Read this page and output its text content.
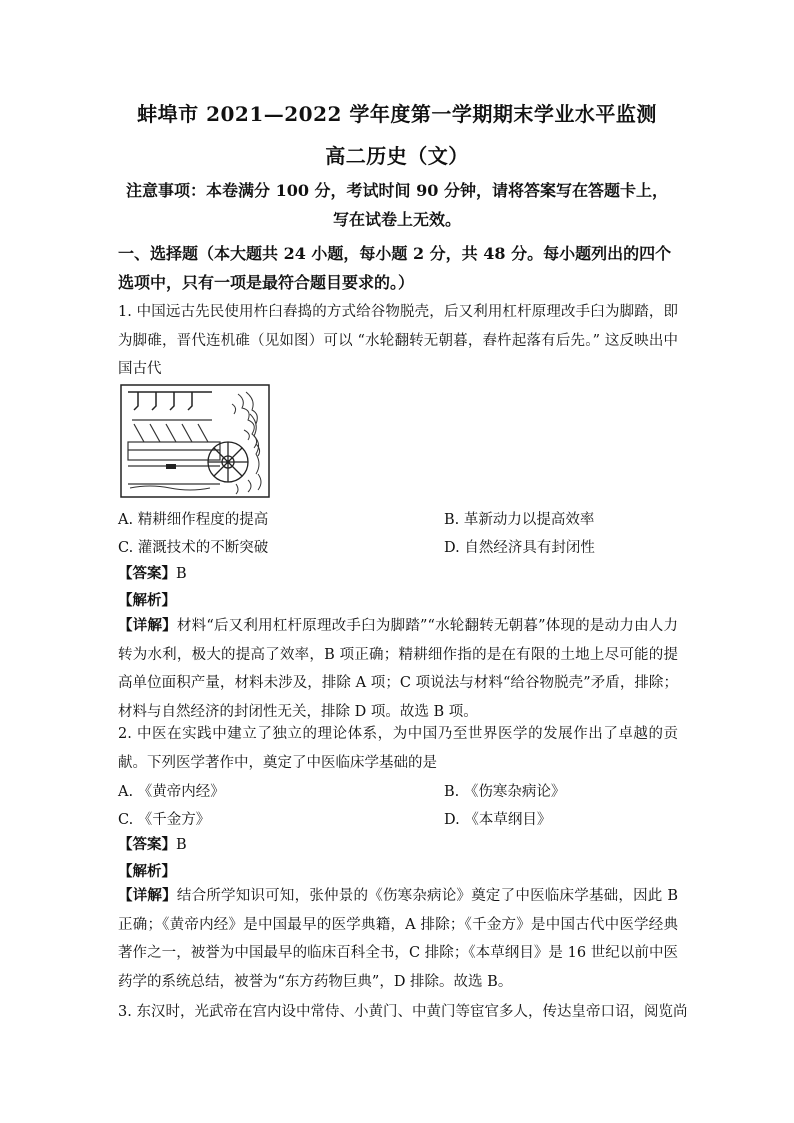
蚌埠市 2021—2022 学年度第一学期期末学业水平监测
高二历史（文）
注意事项：本卷满分 100 分，考试时间 90 分钟，请将答案写在答题卡上，写在试卷上无效。
一、选择题（本大题共 24 小题，每小题 2 分，共 48 分。每小题列出的四个选项中，只有一项是最符合题目要求的。）
1. 中国远古先民使用杵臼舂捣的方式给谷物脱壳，后又利用杠杆原理改手臼为脚踏，即为脚碓，晋代连机碓（见如图）可以 “水轮翻转无朝暮，舂杵起落有后先。” 这反映出中国古代
A. 精耕细作程度的提高	B. 革新动力以提高效率
C. 灌溉技术的不断突破	D. 自然经济具有封闭性
【答案】B
【解析】
【详解】材料“后又利用杠杆原理改手臼为脚踏”“水轮翻转无朝暮”体现的是动力由人力转为水利，极大的提高了效率，B 项正确；精耕细作指的是在有限的土地上尽可能的提高单位面积产量，材料未涉及，排除 A 项；C 项说法与材料“给谷物脱壳”矛盾，排除；材料与自然经济的封闭性无关，排除 D 项。故选 B 项。
2. 中医在实践中建立了独立的理论体系，为中国乃至世界医学的发展作出了卓越的贡献。下列医学著作中，奠定了中医临床学基础的是
A. 《黄帝内经》	B. 《伤寒杂病论》
C. 《千金方》	D. 《本草纲目》
【答案】B
【解析】
【详解】结合所学知识可知，张仲景的《伤寒杂病论》奠定了中医临床学基础，因此 B 正确；《黄帝内经》是中国最早的医学典籍，A 排除；《千金方》是中国古代中医学经典著作之一，被誉为中国最早的临床百科全书，C 排除；《本草纲目》是 16 世纪以前中医药学的系统总结，被誉为“东方药物巨典”，D 排除。故选 B。
3. 东汉时，光武帝在宫内设中常侍、小黄门、中黄门等宦官多人，传达皇帝口诏，阅览尚
